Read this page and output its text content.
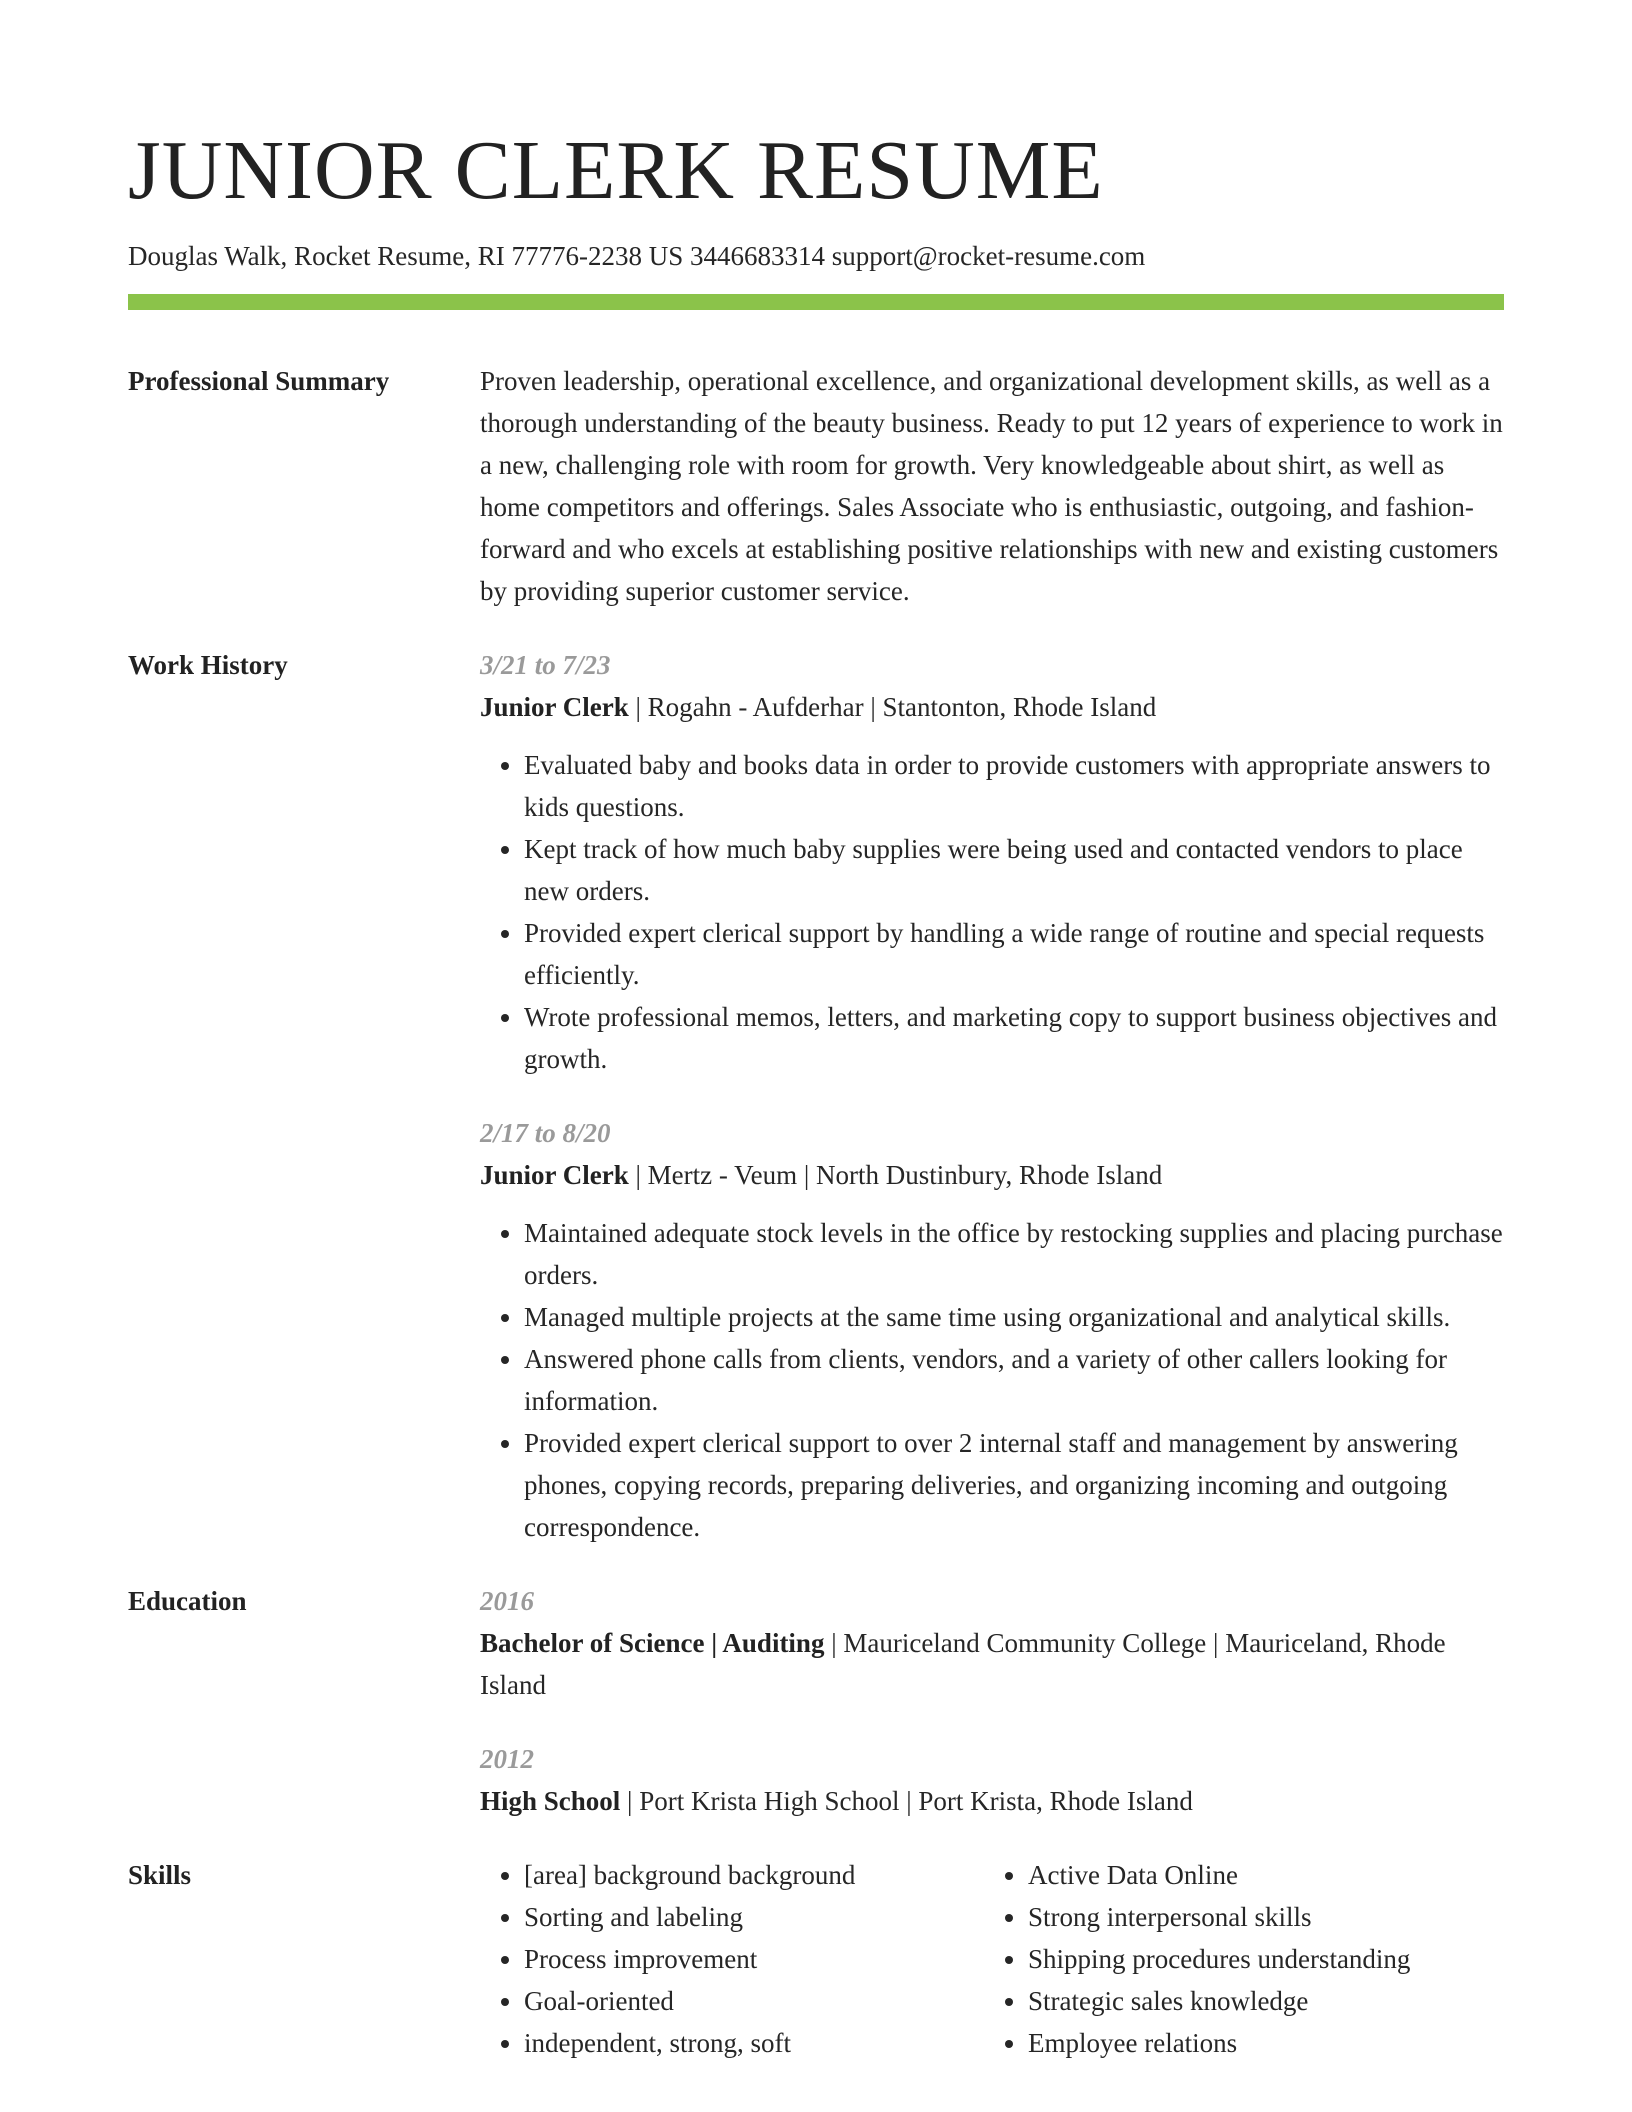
JUNIOR CLERK RESUME
Douglas Walk, Rocket Resume, RI 77776-2238 US 3446683314 support@rocket-resume.com
Professional Summary	Proven leadership, operational excellence, and organizational development skills, as well as a thorough understanding of the beauty business. Ready to put 12 years of experience to work in a new, challenging role with room for growth. Very knowledgeable about shirt, as well as home competitors and offerings. Sales Associate who is enthusiastic, outgoing, and fashion-forward and who excels at establishing positive relationships with new and existing customers by providing superior customer service.

Work History	3/21 to 7/23
Junior Clerk | Rogahn - Aufderhar | Stantonton, Rhode Island
• Evaluated baby and books data in order to provide customers with appropriate answers to kids questions.
• Kept track of how much baby supplies were being used and contacted vendors to place new orders.
• Provided expert clerical support by handling a wide range of routine and special requests efficiently.
• Wrote professional memos, letters, and marketing copy to support business objectives and growth.
2/17 to 8/20
Junior Clerk | Mertz - Veum | North Dustinbury, Rhode Island
• Maintained adequate stock levels in the office by restocking supplies and placing purchase orders.
• Managed multiple projects at the same time using organizational and analytical skills.
• Answered phone calls from clients, vendors, and a variety of other callers looking for information.
• Provided expert clerical support to over 2 internal staff and management by answering phones, copying records, preparing deliveries, and organizing incoming and outgoing correspondence.
Education	2016
Bachelor of Science | Auditing | Mauriceland Community College | Mauriceland, Rhode Island
2012
High School | Port Krista High School | Port Krista, Rhode Island
Skills
•	[area] background background
• Sorting and labeling
• Process improvement
• Goal-oriented
• independent, strong, soft
• Active Data Online
• Strong interpersonal skills
• Shipping procedures understanding
• Strategic sales knowledge
• Employee relations
